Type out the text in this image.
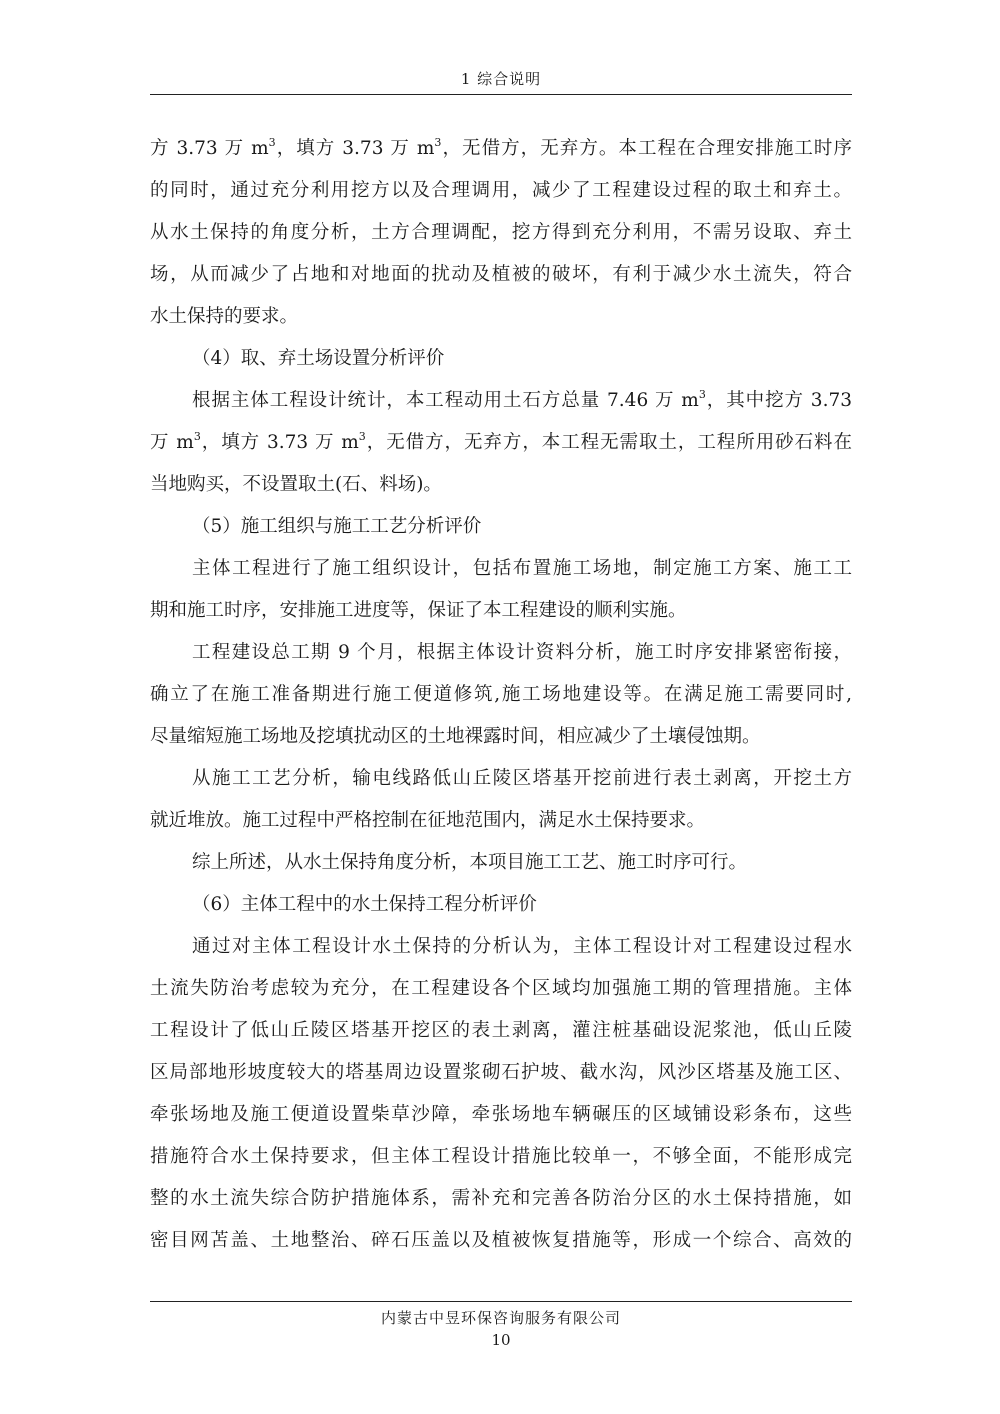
1 综合说明
方 3.73 万 $m^3$，填方 3.73 万 $m^3$，无借方，无弃方。本工程在合理安排施工时序
的同时，通过充分利用挖方以及合理调用，减少了工程建设过程的取土和弃土。
从水土保持的角度分析，土方合理调配，挖方得到充分利用，不需另设取、弃土
场，从而减少了占地和对地面的扰动及植被的破坏，有利于减少水土流失，符合
水土保持的要求。
（4）取、弃土场设置分析评价
根据主体工程设计统计，本工程动用土石方总量 7.46 万 $m^3$，其中挖方 3.73
万 $m^3$，填方 3.73 万 $m^3$，无借方，无弃方，本工程无需取土，工程所用砂石料在
当地购买，不设置取土(石、料场)。
（5）施工组织与施工工艺分析评价
主体工程进行了施工组织设计，包括布置施工场地，制定施工方案、施工工
期和施工时序，安排施工进度等，保证了本工程建设的顺利实施。
工程建设总工期 9 个月，根据主体设计资料分析，施工时序安排紧密衔接，
确立了在施工准备期进行施工便道修筑,施工场地建设等。在满足施工需要同时,
尽量缩短施工场地及挖填扰动区的土地裸露时间，相应减少了土壤侵蚀期。
从施工工艺分析，输电线路低山丘陵区塔基开挖前进行表土剥离，开挖土方
就近堆放。施工过程中严格控制在征地范围内，满足水土保持要求。
综上所述，从水土保持角度分析，本项目施工工艺、施工时序可行。
（6）主体工程中的水土保持工程分析评价
通过对主体工程设计水土保持的分析认为，主体工程设计对工程建设过程水
土流失防治考虑较为充分，在工程建设各个区域均加强施工期的管理措施。主体
工程设计了低山丘陵区塔基开挖区的表土剥离，灌注桩基础设泥浆池，低山丘陵
区局部地形坡度较大的塔基周边设置浆砌石护坡、截水沟，风沙区塔基及施工区、
牵张场地及施工便道设置柴草沙障，牵张场地车辆碾压的区域铺设彩条布，这些
措施符合水土保持要求，但主体工程设计措施比较单一，不够全面，不能形成完
整的水土流失综合防护措施体系，需补充和完善各防治分区的水土保持措施，如
密目网苫盖、土地整治、碎石压盖以及植被恢复措施等，形成一个综合、高效的
内蒙古中昱环保咨询服务有限公司
10
